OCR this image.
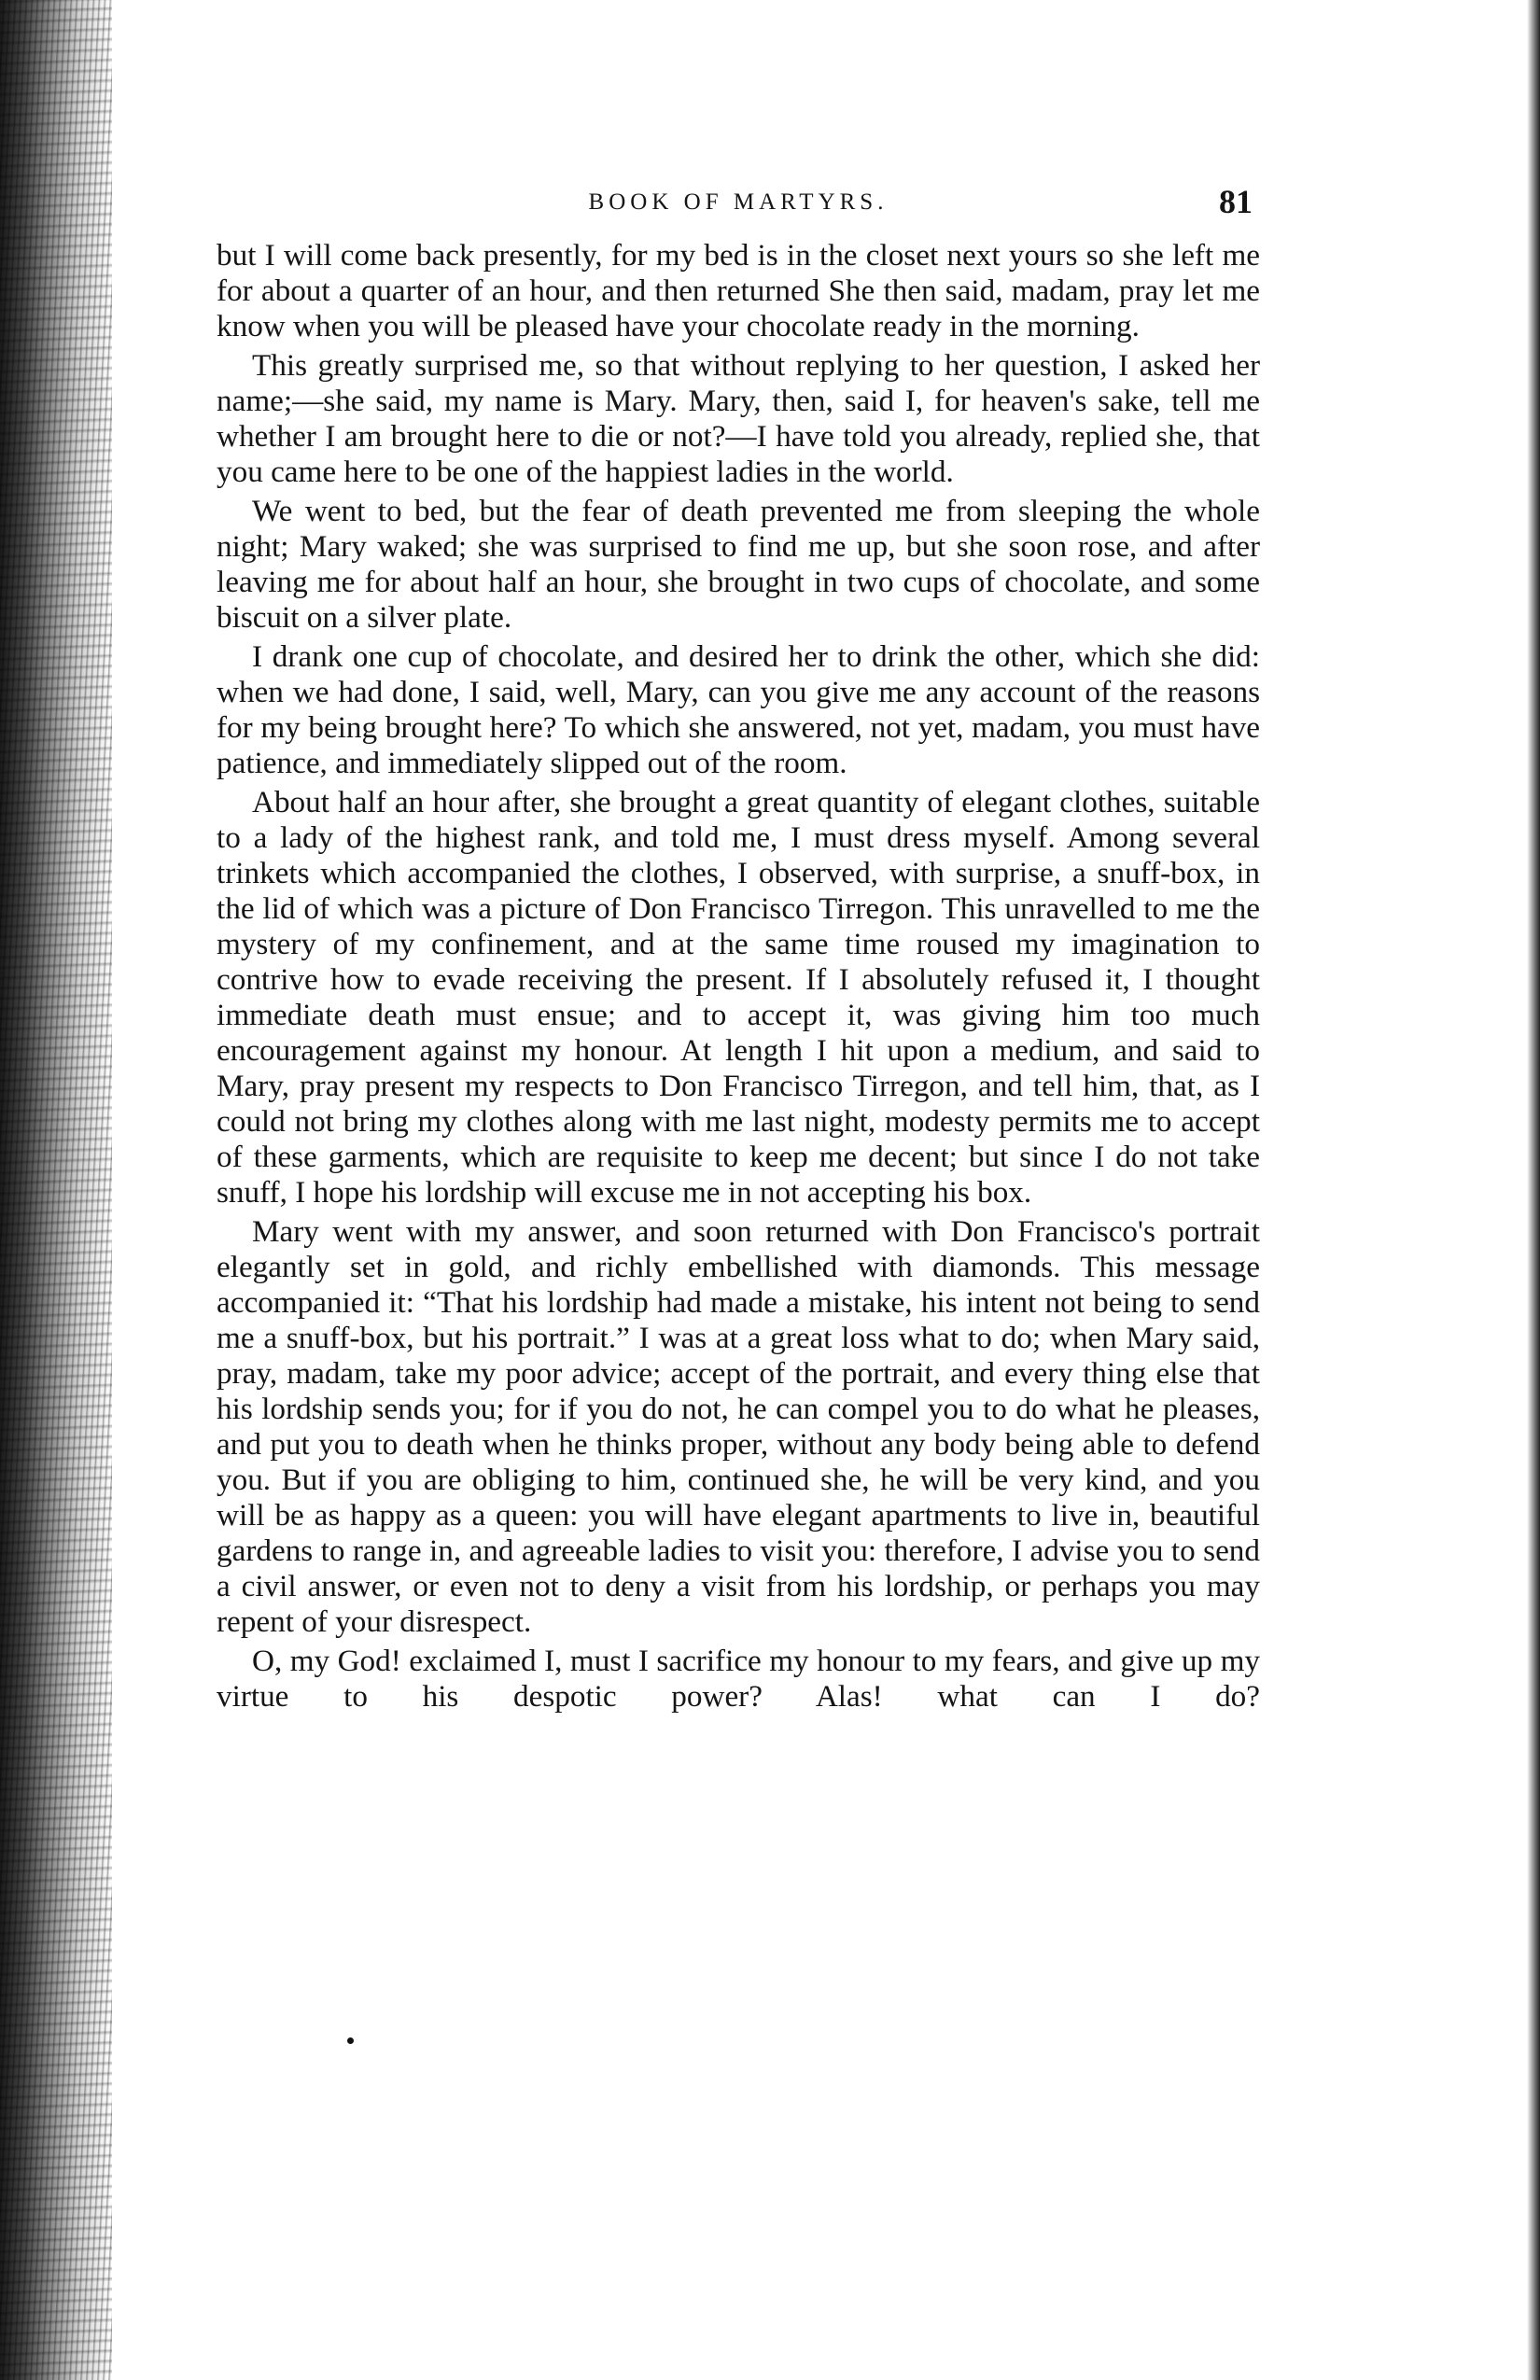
BOOK OF MARTYRS.	81

but I will come back presently, for my bed is in the closet next yours so she left me for about a quarter of an hour, and then returned She then said, madam, pray let me know when you will be pleased have your chocolate ready in the morning.

This greatly surprised me, so that without replying to her question, I asked her name;—she said, my name is Mary. Mary, then, said I, for heaven's sake, tell me whether I am brought here to die or not?—I have told you already, replied she, that you came here to be one of the happiest ladies in the world.

We went to bed, but the fear of death prevented me from sleeping the whole night; Mary waked; she was surprised to find me up, but she soon rose, and after leaving me for about half an hour, she brought in two cups of chocolate, and some biscuit on a silver plate.

I drank one cup of chocolate, and desired her to drink the other, which she did: when we had done, I said, well, Mary, can you give me any account of the reasons for my being brought here? To which she answered, not yet, madam, you must have patience, and immediately slipped out of the room.

About half an hour after, she brought a great quantity of elegant clothes, suitable to a lady of the highest rank, and told me, I must dress myself. Among several trinkets which accompanied the clothes, I observed, with surprise, a snuff-box, in the lid of which was a picture of Don Francisco Tirregon. This unravelled to me the mystery of my confinement, and at the same time roused my imagination to contrive how to evade receiving the present. If I absolutely refused it, I thought immediate death must ensue; and to accept it, was giving him too much encouragement against my honour. At length I hit upon a medium, and said to Mary, pray present my respects to Don Francisco Tirregon, and tell him, that, as I could not bring my clothes along with me last night, modesty permits me to accept of these garments, which are requisite to keep me decent; but since I do not take snuff, I hope his lordship will excuse me in not accepting his box.

Mary went with my answer, and soon returned with Don Francisco's portrait elegantly set in gold, and richly embellished with diamonds. This message accompanied it: “That his lordship had made a mistake, his intent not being to send me a snuff-box, but his portrait.” I was at a great loss what to do; when Mary said, pray, madam, take my poor advice; accept of the portrait, and every thing else that his lordship sends you; for if you do not, he can compel you to do what he pleases, and put you to death when he thinks proper, without any body being able to defend you. But if you are obliging to him, continued she, he will be very kind, and you will be as happy as a queen: you will have elegant apartments to live in, beautiful gardens to range in, and agreeable ladies to visit you: therefore, I advise you to send a civil answer, or even not to deny a visit from his lordship, or perhaps you may repent of your disrespect.

O, my God! exclaimed I, must I sacrifice my honour to my fears, and give up my virtue to his despotic power? Alas! what can I do?
